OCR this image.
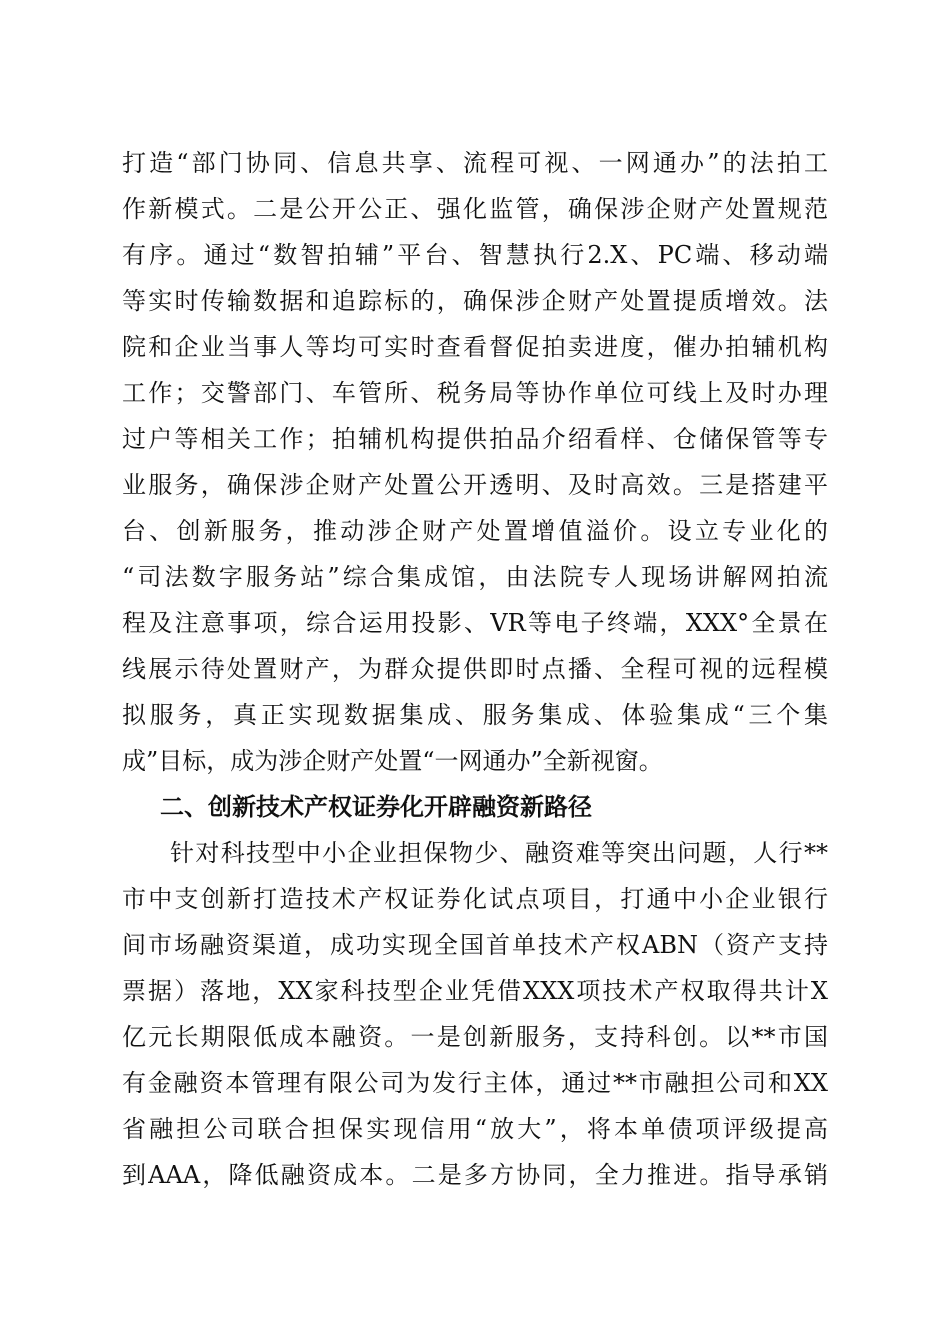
打造“部门协同、信息共享、流程可视、一网通办”的法拍工
作新模式。二是公开公正、强化监管，确保涉企财产处置规范
有序。通过“数智拍辅”平台、智慧执行2.X、PC端、移动端
等实时传输数据和追踪标的，确保涉企财产处置提质增效。法
院和企业当事人等均可实时查看督促拍卖进度，催办拍辅机构
工作；交警部门、车管所、税务局等协作单位可线上及时办理
过户等相关工作；拍辅机构提供拍品介绍看样、仓储保管等专
业服务，确保涉企财产处置公开透明、及时高效。三是搭建平
台、创新服务，推动涉企财产处置增值溢价。设立专业化的
“司法数字服务站”综合集成馆，由法院专人现场讲解网拍流
程及注意事项，综合运用投影、VR等电子终端，XXX°全景在
线展示待处置财产，为群众提供即时点播、全程可视的远程模
拟服务，真正实现数据集成、服务集成、体验集成“三个集
成”目标，成为涉企财产处置“一网通办”全新视窗。
二、创新技术产权证券化开辟融资新路径
针对科技型中小企业担保物少、融资难等突出问题，人行**
市中支创新打造技术产权证券化试点项目，打通中小企业银行
间市场融资渠道，成功实现全国首单技术产权ABN（资产支持
票据）落地，XX家科技型企业凭借XXX项技术产权取得共计X
亿元长期限低成本融资。一是创新服务，支持科创。以**市国
有金融资本管理有限公司为发行主体，通过**市融担公司和XX
省融担公司联合担保实现信用“放大”，将本单债项评级提高
到AAA，降低融资成本。二是多方协同，全力推进。指导承销
